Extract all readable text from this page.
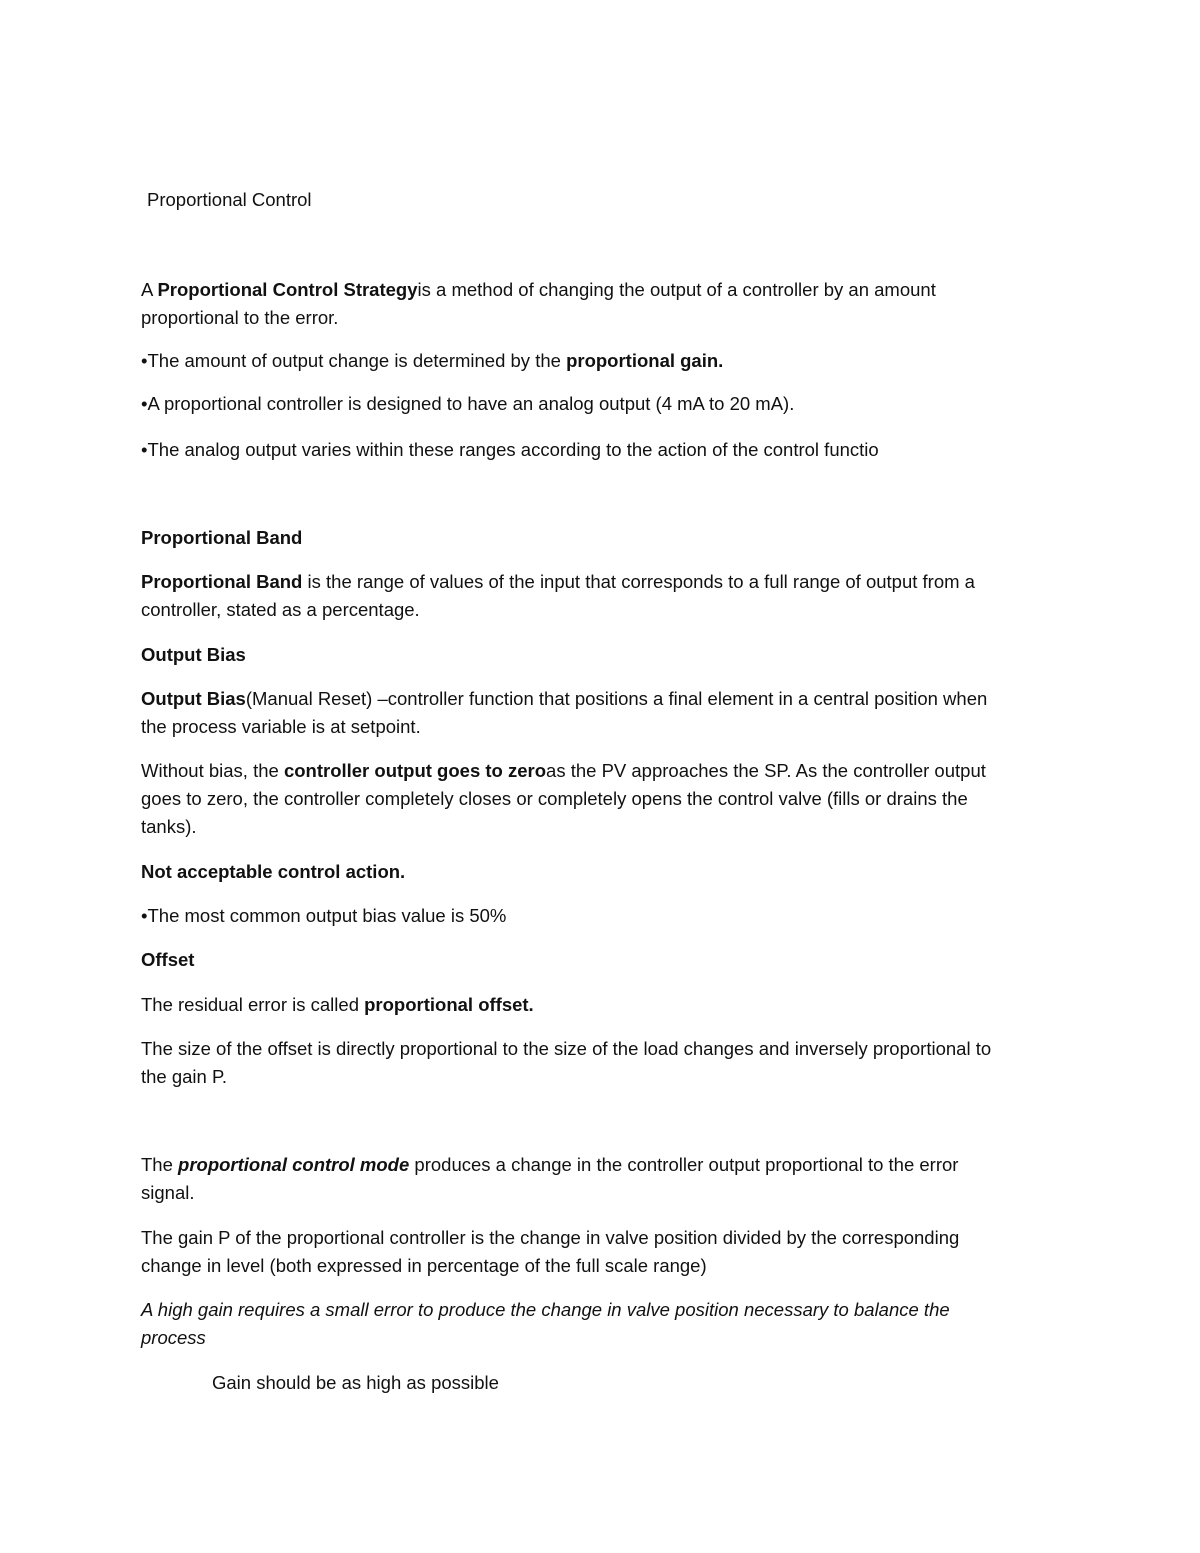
Proportional Control

A Proportional Control Strategyis a method of changing the output of a controller by an amount

proportional to the error.

•The amount of output change is determined by the proportional gain.

•A proportional controller is designed to have an analog output (4 mA to 20 mA).

•The analog output varies within these ranges according to the action of the control functio

Proportional Band

Proportional Band is the range of values of the input that corresponds to a full range of output from a

controller, stated as a percentage.

Output Bias

Output Bias(Manual Reset) –controller function that positions a final element in a central position when

the process variable is at setpoint.

Without bias, the controller output goes to zeroas the PV approaches the SP. As the controller output

goes to zero, the controller completely closes or completely opens the control valve (fills or drains the

tanks).

Not acceptable control action.

•The most common output bias value is 50%

Offset

The residual error is called proportional offset.

The size of the offset is directly proportional to the size of the load changes and inversely proportional to

the gain P.

The proportional control mode produces a change in the controller output proportional to the error

signal.

The gain P of the proportional controller is the change in valve position divided by the corresponding

change in level (both expressed in percentage of the full scale range)

A high gain requires a small error to produce the change in valve position necessary to balance the

process

Gain should be as high as possible
